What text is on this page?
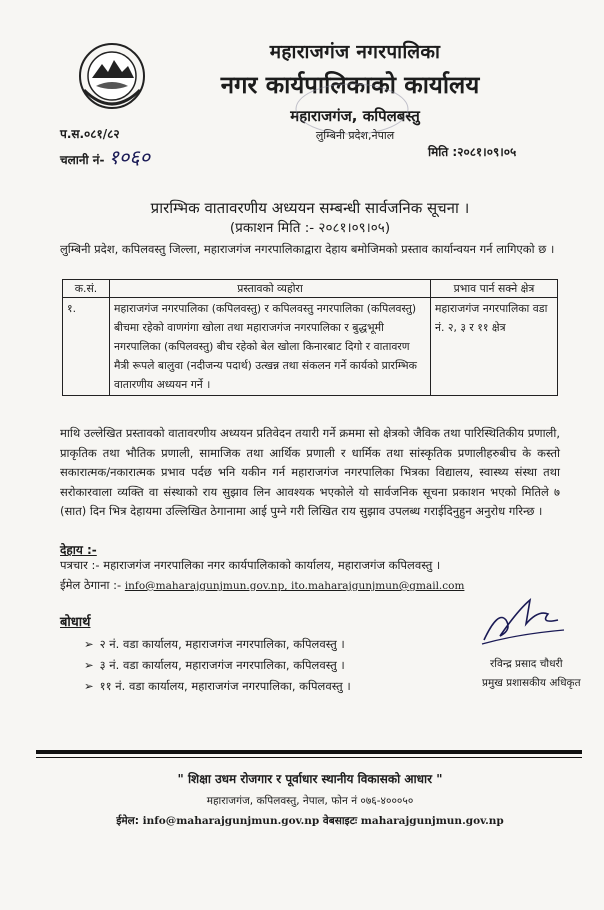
महाराजगंज नगरपालिका
नगर कार्यपालिकाको कार्यालय
महाराजगंज, कपिलबस्तु
लुम्बिनी प्रदेश,नेपाल
प.स.०८१/८२
चलानी नं- १०६०	मिति :२०८१।०९।०५
प्रारम्भिक वातावरणीय अध्ययन सम्बन्धी सार्वजनिक सूचना ।
(प्रकाशन मिति :- २०८१।०९।०५)
लुम्बिनी प्रदेश, कपिलवस्तु जिल्ला, महाराजगंज नगरपालिकाद्वारा देहाय बमोजिमको प्रस्ताव कार्यान्वयन गर्न लागिएको छ ।
क.सं.	प्रस्तावको व्यहोरा	प्रभाव पार्न सक्ने क्षेत्र
१.	महाराजगंज नगरपालिका (कपिलवस्तु) र कपिलवस्तु नगरपालिका (कपिलवस्तु) बीचमा रहेको वाणगंगा खोला तथा महाराजगंज नगरपालिका र बुद्धभूमी नगरपालिका (कपिलवस्तु) बीच रहेको बेल खोला किनारबाट दिगो र वातावरण मैत्री रूपले बालुवा (नदीजन्य पदार्थ) उत्खन्न तथा संकलन गर्ने कार्यको प्रारम्भिक वातारणीय अध्ययन गर्ने ।	महाराजगंज नगरपालिका वडा नं. २, ३ र ११ क्षेत्र
माथि उल्लेखित प्रस्तावको वातावरणीय अध्ययन प्रतिवेदन तयारी गर्ने क्रममा सो क्षेत्रको जैविक तथा पारिस्थितिकीय प्रणाली, प्राकृतिक तथा भौतिक प्रणाली, सामाजिक तथा आर्थिक प्रणाली र धार्मिक तथा सांस्कृतिक प्रणालीहरुबीच के कस्तो सकारात्मक/नकारात्मक प्रभाव पर्दछ भनि यकीन गर्न महाराजगंज नगरपालिका भित्रका विद्यालय, स्वास्थ्य संस्था तथा सरोकारवाला व्यक्ति वा संस्थाको राय सुझाव लिन आवश्यक भएकोले यो सार्वजनिक सूचना प्रकाशन भएको मितिले ७ (सात) दिन भित्र देहायमा उल्लिखित ठेगानामा आई पुग्ने गरी लिखित राय सुझाव उपलब्ध गराईदिनुहुन अनुरोध गरिन्छ ।
देहाय :-
पत्रचार :- महाराजगंज नगरपालिका नगर कार्यपालिकाको कार्यालय, महाराजगंज कपिलवस्तु ।
ईमेल ठेगाना :- info@maharajgunjmun.gov.np, ito.maharajgunjmun@gmail.com
बोधार्थ
➢ २ नं. वडा कार्यालय, महाराजगंज नगरपालिका, कपिलवस्तु ।
➢ ३ नं. वडा कार्यालय, महाराजगंज नगरपालिका, कपिलवस्तु ।
➢ ११ नं. वडा कार्यालय, महाराजगंज नगरपालिका, कपिलवस्तु ।
रविन्द्र प्रसाद चौधरी
प्रमुख प्रशासकीय अधिकृत
" शिक्षा उधम रोजगार र पूर्वाधार स्थानीय विकासको आधार "
महाराजगंज, कपिलवस्तु, नेपाल, फोन नं ०७६-४०००५०
ईमेल: info@maharajgunjmun.gov.np वेबसाइटः maharajgunjmun.gov.np
